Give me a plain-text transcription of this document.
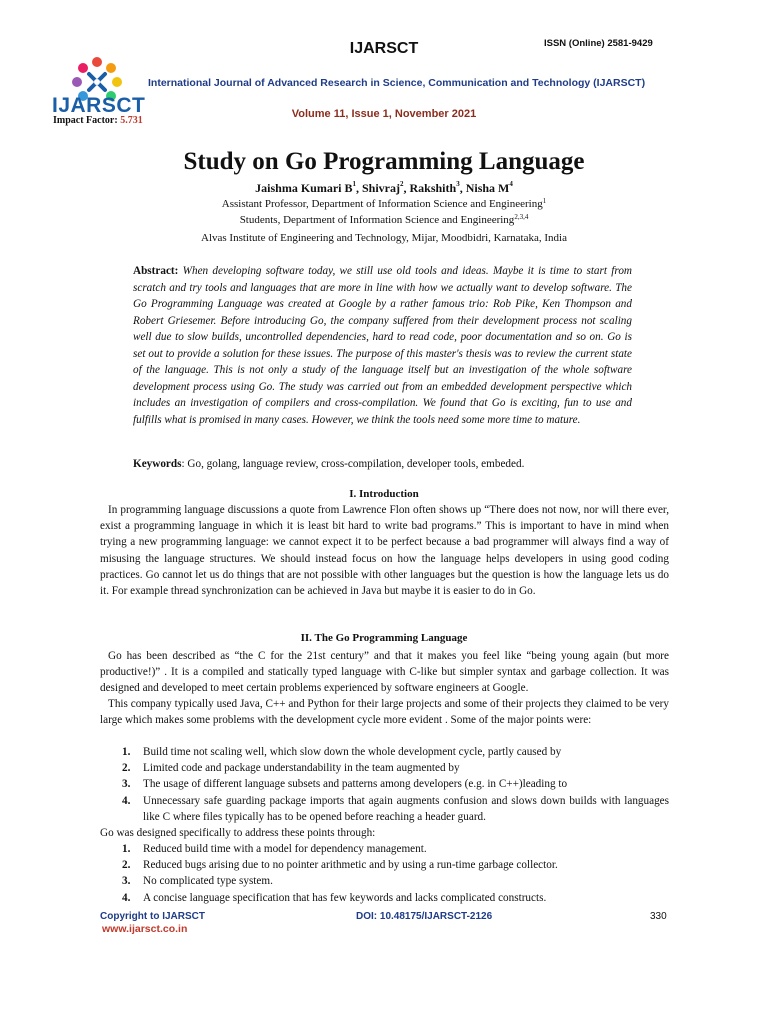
IJARSCT
Impact Factor: 5.731
IJARSCT	ISSN (Online) 2581-9429
International Journal of Advanced Research in Science, Communication and Technology (IJARSCT)
Volume 11, Issue 1, November 2021
Study on Go Programming Language
Jaishma Kumari $B^1$, Shivraj$^2$, Rakshith$^3$, Nisha $M^4$
Assistant Professor, Department of Information Science and Engineering$^1$
Students, Department of Information Science and Engineering$^{2,3,4}$
Alvas Institute of Engineering and Technology, Mijar, Moodbidri, Karnataka, India
Abstract: When developing software today, we still use old tools and ideas. Maybe it is time to start from scratch and try tools and languages that are more in line with how we actually want to develop software. The Go Programming Language was created at Google by a rather famous trio: Rob Pike, Ken Thompson and Robert Griesemer. Before introducing Go, the company suffered from their development process not scaling well due to slow builds, uncontrolled dependencies, hard to read code, poor documentation and so on. Go is set out to provide a solution for these issues. The purpose of this master's thesis was to review the current state of the language. This is not only a study of the language itself but an investigation of the whole software development process using Go. The study was carried out from an embedded development perspective which includes an investigation of compilers and cross-compilation. We found that Go is exciting, fun to use and fulfills what is promised in many cases. However, we think the tools need some more time to mature.
Keywords: Go, golang, language review, cross-compilation, developer tools, embeded.
I. Introduction
In programming language discussions a quote from Lawrence Flon often shows up “There does not now, nor will there ever, exist a programming language in which it is least bit hard to write bad programs.” This is important to have in mind when trying a new programming language: we cannot expect it to be perfect because a bad programmer will always find a way of misusing the language structures. We should instead focus on how the language helps developers in using good coding practices. Go cannot let us do things that are not possible with other languages but the question is how the language lets us do it. For example thread synchronization can be achieved in Java but maybe it is easier to do in Go.
II. The Go Programming Language
Go has been described as “the C for the 21st century” and that it makes you feel like “being young again (but more productive!)” . It is a compiled and statically typed language with C-like but simpler syntax and garbage collection. It was designed and developed to meet certain problems experienced by software engineers at Google.
This company typically used Java, C++ and Python for their large projects and some of their projects they claimed to be very large which makes some problems with the development cycle more evident . Some of the major points were:
1. Build time not scaling well, which slow down the whole development cycle, partly caused by
2. Limited code and package understandability in the team augmented by
3. The usage of different language subsets and patterns among developers (e.g. in C++)leading to
4. Unnecessary safe guarding package imports that again augments confusion and slows down builds with languages like C where files typically has to be opened before reaching a header guard.
Go was designed specifically to address these points through:
1. Reduced build time with a model for dependency management.
2. Reduced bugs arising due to no pointer arithmetic and by using a run-time garbage collector.
3. No complicated type system.
4. A concise language specification that has few keywords and lacks complicated constructs.
Copyright to IJARSCT
www.ijarsct.co.in
DOI: 10.48175/IJARSCT-2126	330
